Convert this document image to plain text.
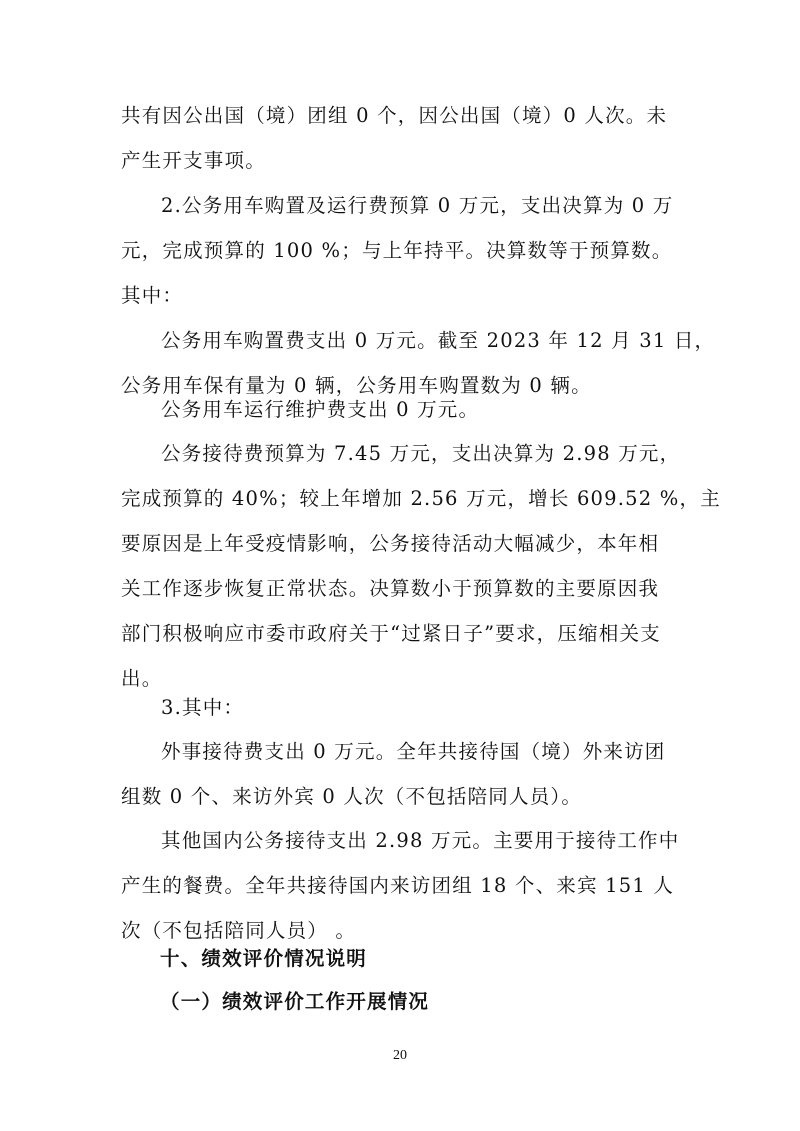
共有因公出国（境）团组 0 个，因公出国（境）0 人次。未
产生开支事项。

2.公务用车购置及运行费预算 0 万元，支出决算为 0 万
元，完成预算的 100 %；与上年持平。决算数等于预算数。
其中：

公务用车购置费支出 0 万元。截至 2023 年 12 月 31 日，
公务用车保有量为 0 辆，公务用车购置数为 0 辆。

公务用车运行维护费支出 0 万元。

公务接待费预算为 7.45 万元，支出决算为 2.98 万元，
完成预算的 40%；较上年增加 2.56 万元，增长 609.52 %，主
要原因是上年受疫情影响，公务接待活动大幅减少，本年相
关工作逐步恢复正常状态。决算数小于预算数的主要原因我
部门积极响应市委市政府关于“过紧日子”要求，压缩相关支
出。

3.其中：

外事接待费支出 0 万元。全年共接待国（境）外来访团
组数 0 个、来访外宾 0 人次（不包括陪同人员）。

其他国内公务接待支出 2.98 万元。主要用于接待工作中
产生的餐费。全年共接待国内来访团组 18 个、来宾 151 人
次（不包括陪同人员） 。

十、绩效评价情况说明
（一）绩效评价工作开展情况
20
